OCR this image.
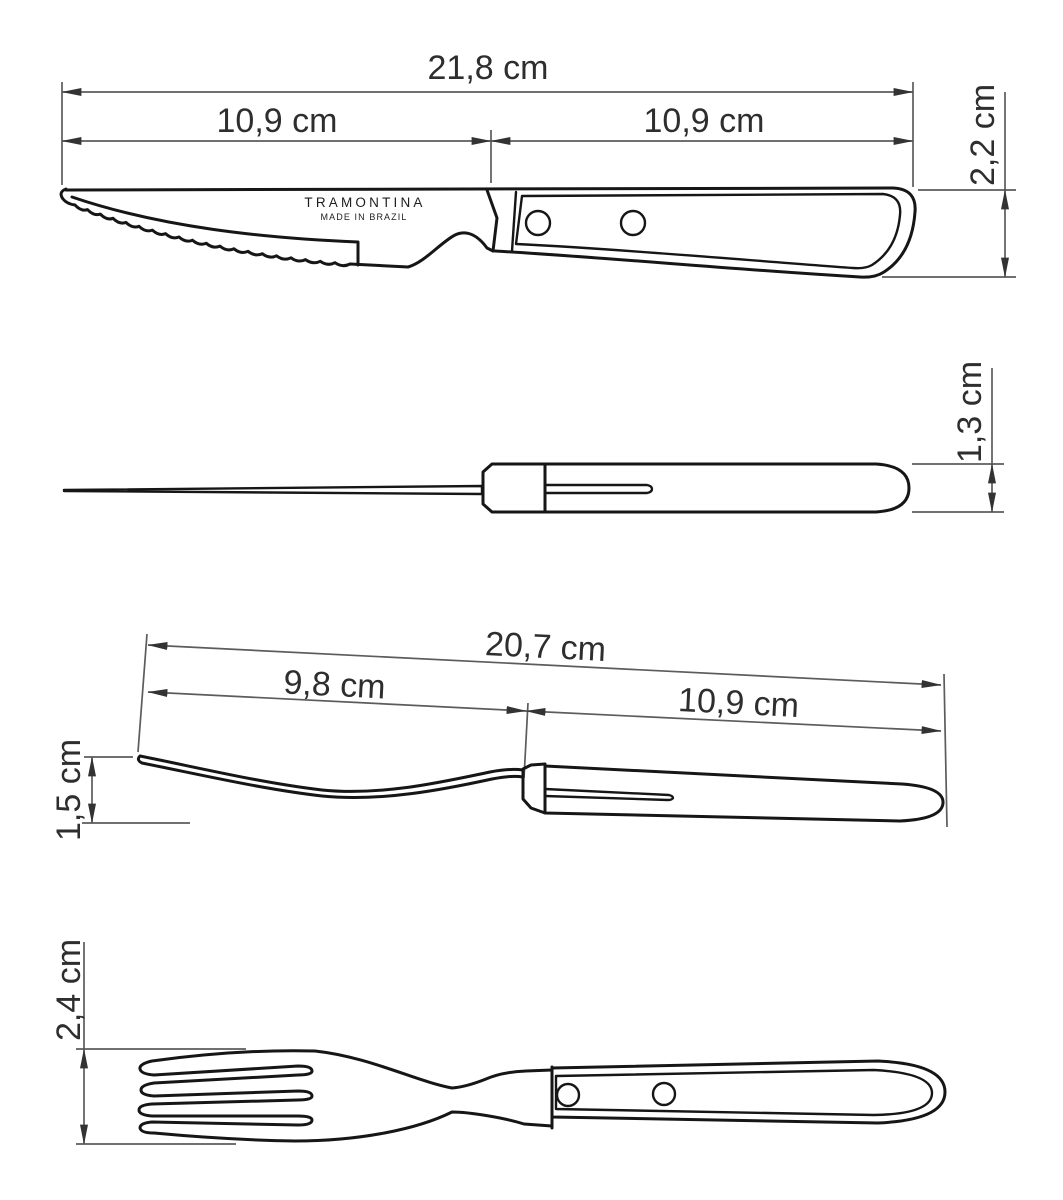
21,8 cm
10,9 cm	10,9 cm	2,2 cm
TRAMONTINA
MADE IN BRAZIL
1,3 cm
20,7 cm
9,8 cm	10,9 cm
1,5 cm
2,4 cm
